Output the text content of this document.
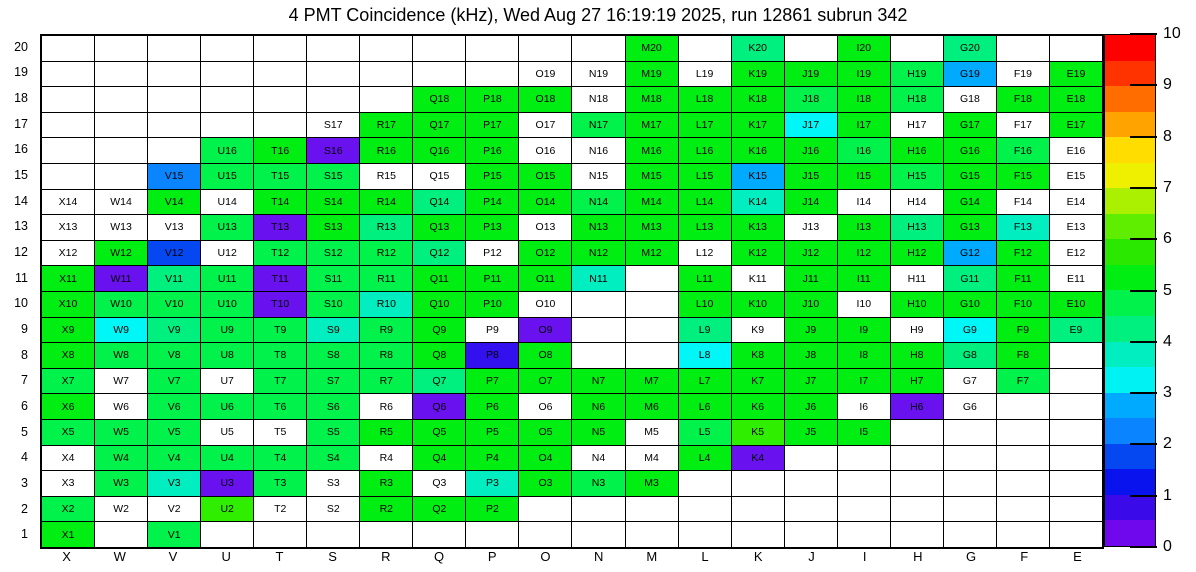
4 PMT Coincidence (kHz), Wed Aug 27 16:19:19 2025, run 12861 subrun 342
20
19
18
17
16
15
14
13
12
11
10
9
8
7
6
5
4
3
2
1
M20	K20	I20	G20
O19	N19	M19	L19	K19	J19	I19	H19	G19	F19	E19
Q18	P18	O18	N18	M18	L18	K18	J18	I18	H18	G18	F18	E18
S17	R17	Q17	P17	O17	N17	M17	L17	K17	J17	I17	H17	G17	F17	E17
U16	T16	S16	R16	Q16	P16	O16	N16	M16	L16	K16	J16	I16	H16	G16	F16	E16
V15	U15	T15	S15	R15	Q15	P15	O15	N15	M15	L15	K15	J15	I15	H15	G15	F15	E15
X14	W14	V14	U14	T14	S14	R14	Q14	P14	O14	N14	M14	L14	K14	J14	I14	H14	G14	F14	E14
X13	W13	V13	U13	T13	S13	R13	Q13	P13	O13	N13	M13	L13	K13	J13	I13	H13	G13	F13	E13
X12	W12	V12	U12	T12	S12	R12	Q12	P12	O12	N12	M12	L12	K12	J12	I12	H12	G12	F12	E12
X11	W11	V11	U11	T11	S11	R11	Q11	P11	O11	N11	L11	K11	J11	I11	H11	G11	F11	E11
X10	W10	V10	U10	T10	S10	R10	Q10	P10	O10	L10	K10	J10	I10	H10	G10	F10	E10
X9	W9	V9	U9	T9	S9	R9	Q9	P9	O9	L9	K9	J9	I9	H9	G9	F9	E9
X8	W8	V8	U8	T8	S8	R8	Q8	P8	O8	L8	K8	J8	I8	H8	G8	F8
X7	W7	V7	U7	T7	S7	R7	Q7	P7	O7	N7	M7	L7	K7	J7	I7	H7	G7	F7
X6	W6	V6	U6	T6	S6	R6	Q6	P6	O6	N6	M6	L6	K6	J6	I6	H6	G6
X5	W5	V5	U5	T5	S5	R5	Q5	P5	O5	N5	M5	L5	K5	J5	I5
X4	W4	V4	U4	T4	S4	R4	Q4	P4	O4	N4	M4	L4	K4
X3	W3	V3	U3	T3	S3	R3	Q3	P3	O3	N3	M3
X2	W2	V2	U2	T2	S2	R2	Q2	P2
X1	V1
X	W	V	U	T	S	R	Q	P	O	N	M	L	K	J	I	H	G	F	E
10
9
8
7
6
5
4
3
2
1
0
